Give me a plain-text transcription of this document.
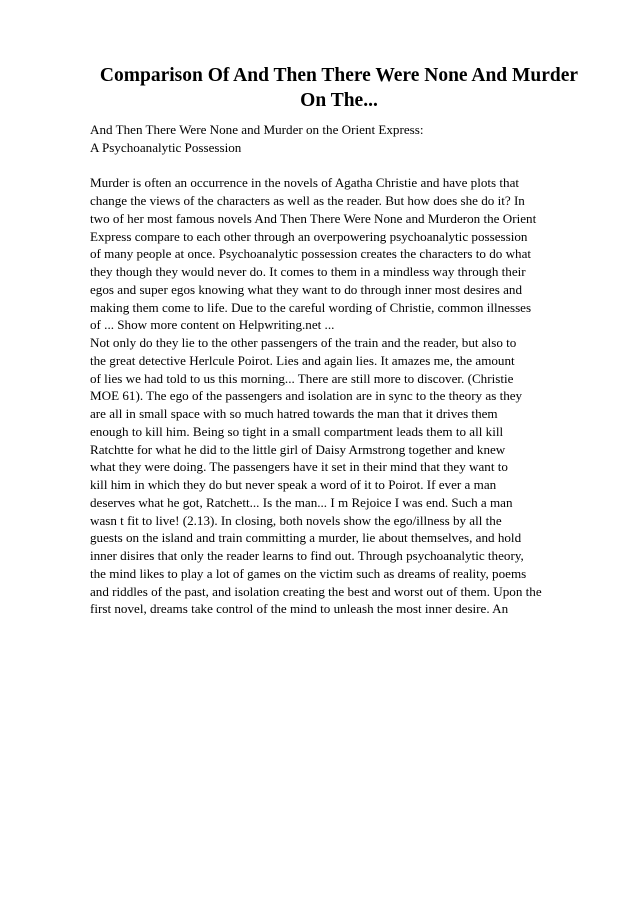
Comparison Of And Then There Were None And Murder
On The...
And Then There Were None and Murder on the Orient Express:
A Psychoanalytic Possession
Murder is often an occurrence in the novels of Agatha Christie and have plots that
change the views of the characters as well as the reader. But how does she do it? In
two of her most famous novels And Then There Were None and Murderon the Orient
Express compare to each other through an overpowering psychoanalytic possession
of many people at once. Psychoanalytic possession creates the characters to do what
they though they would never do. It comes to them in a mindless way through their
egos and super egos knowing what they want to do through inner most desires and
making them come to life. Due to the careful wording of Christie, common illnesses
of ... Show more content on Helpwriting.net ...
Not only do they lie to the other passengers of the train and the reader, but also to
the great detective Herlcule Poirot. Lies and again lies. It amazes me, the amount
of lies we had told to us this morning... There are still more to discover. (Christie
MOE 61). The ego of the passengers and isolation are in sync to the theory as they
are all in small space with so much hatred towards the man that it drives them
enough to kill him. Being so tight in a small compartment leads them to all kill
Ratchtte for what he did to the little girl of Daisy Armstrong together and knew
what they were doing. The passengers have it set in their mind that they want to
kill him in which they do but never speak a word of it to Poirot. If ever a man
deserves what he got, Ratchett... Is the man... I m Rejoice I was end. Such a man
wasn t fit to live! (2.13). In closing, both novels show the ego/illness by all the
guests on the island and train committing a murder, lie about themselves, and hold
inner disires that only the reader learns to find out. Through psychoanalytic theory,
the mind likes to play a lot of games on the victim such as dreams of reality, poems
and riddles of the past, and isolation creating the best and worst out of them. Upon the
first novel, dreams take control of the mind to unleash the most inner desire. An
